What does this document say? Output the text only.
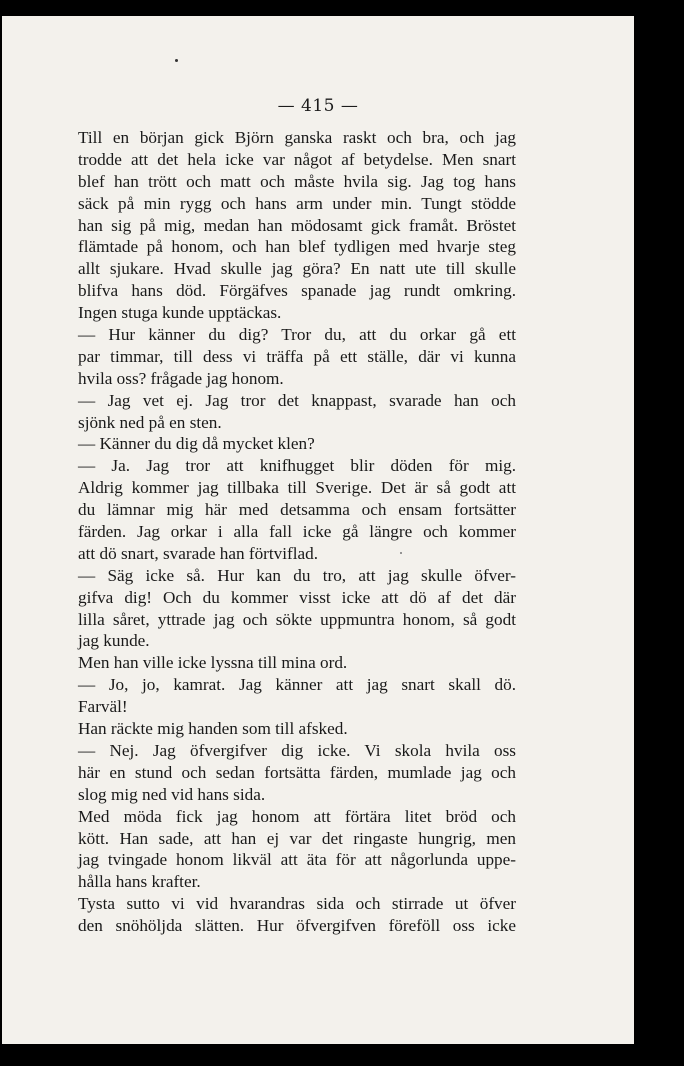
— 415 —
Till en början gick Björn ganska raskt och bra, och jag
trodde att det hela icke var något af betydelse. Men snart
blef han trött och matt och måste hvila sig. Jag tog hans
säck på min rygg och hans arm under min. Tungt stödde
han sig på mig, medan han mödosamt gick framåt. Bröstet
flämtade på honom, och han blef tydligen med hvarje steg
allt sjukare. Hvad skulle jag göra? En natt ute till skulle
blifva hans död. Förgäfves spanade jag rundt omkring.
Ingen stuga kunde upptäckas.
— Hur känner du dig? Tror du, att du orkar gå ett
par timmar, till dess vi träffa på ett ställe, där vi kunna
hvila oss? frågade jag honom.
— Jag vet ej. Jag tror det knappast, svarade han och
sjönk ned på en sten.
— Känner du dig då mycket klen?
— Ja. Jag tror att knifhugget blir döden för mig.
Aldrig kommer jag tillbaka till Sverige. Det är så godt att
du lämnar mig här med detsamma och ensam fortsätter
färden. Jag orkar i alla fall icke gå längre och kommer
att dö snart, svarade han förtviflad.
— Säg icke så. Hur kan du tro, att jag skulle öfver-
gifva dig! Och du kommer visst icke att dö af det där
lilla såret, yttrade jag och sökte uppmuntra honom, så godt
jag kunde.
Men han ville icke lyssna till mina ord.
— Jo, jo, kamrat. Jag känner att jag snart skall dö.
Farväl!
Han räckte mig handen som till afsked.
— Nej. Jag öfvergifver dig icke. Vi skola hvila oss
här en stund och sedan fortsätta färden, mumlade jag och
slog mig ned vid hans sida.
Med möda fick jag honom att förtära litet bröd och
kött. Han sade, att han ej var det ringaste hungrig, men
jag tvingade honom likväl att äta för att någorlunda uppe-
hålla hans krafter.
Tysta sutto vi vid hvarandras sida och stirrade ut öfver
den snöhöljda slätten. Hur öfvergifven föreföll oss icke
